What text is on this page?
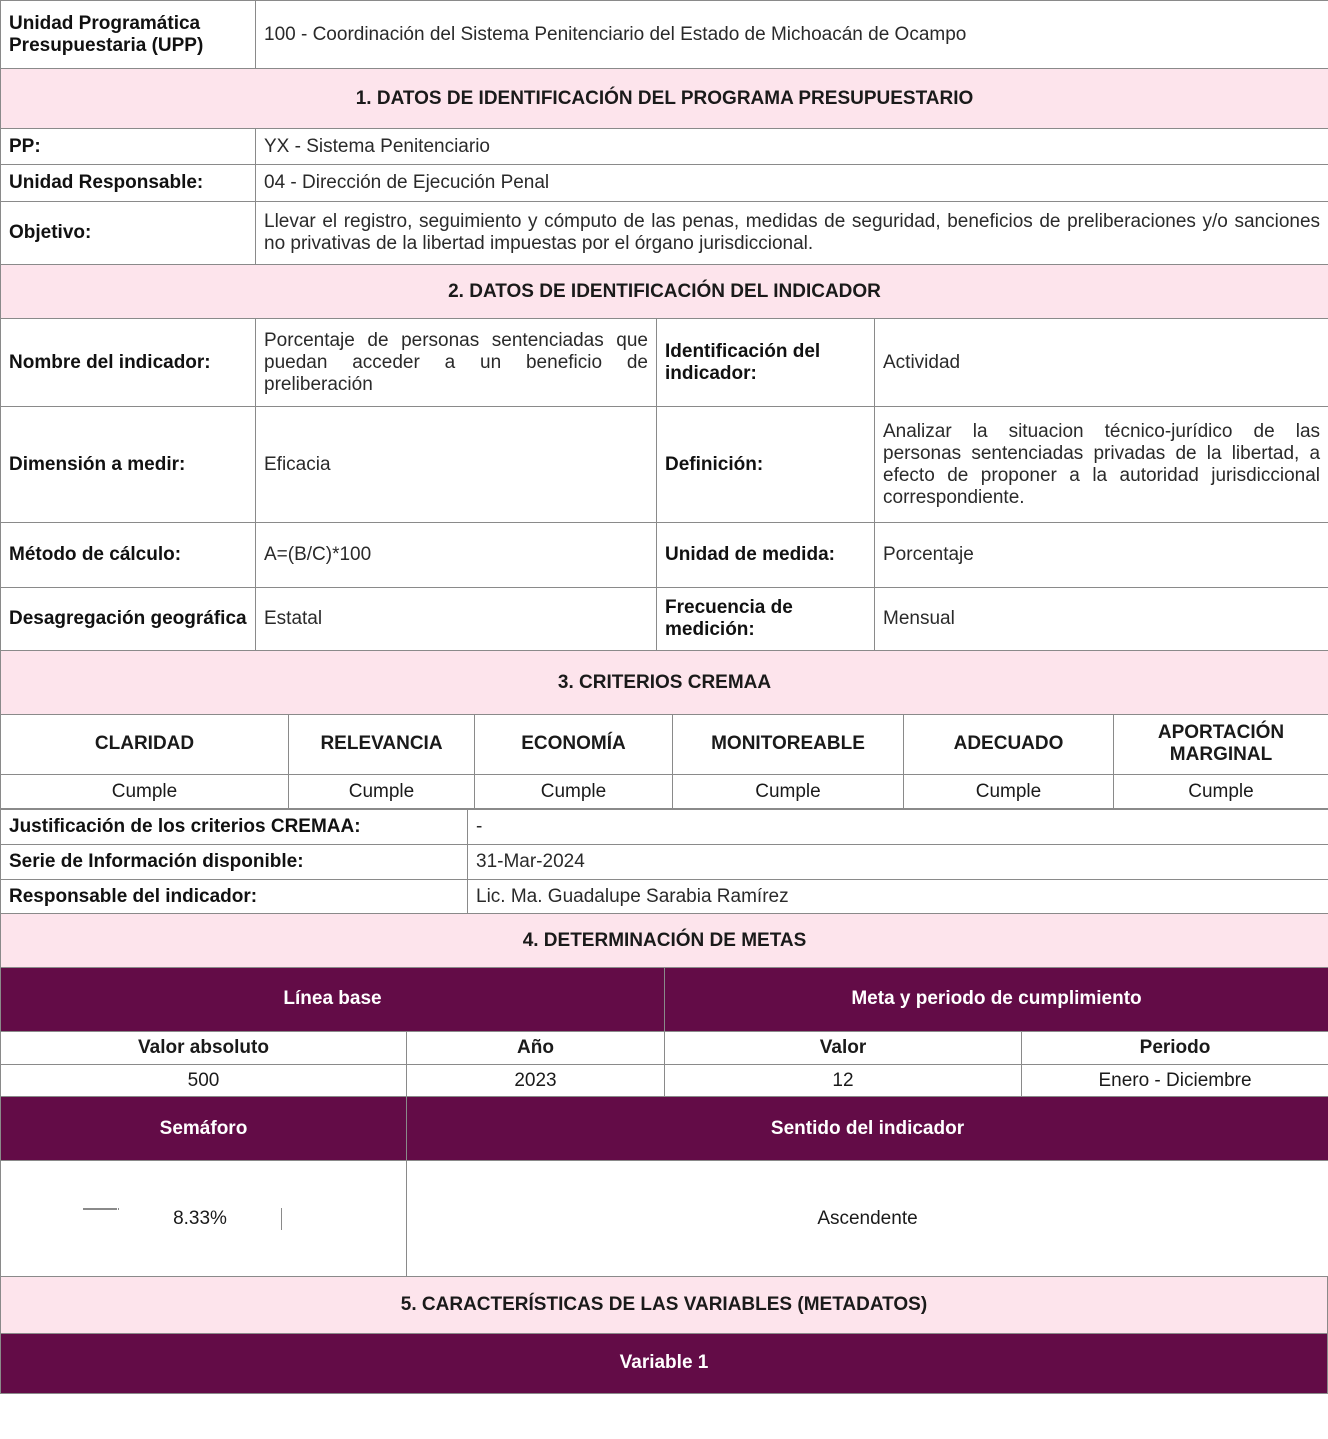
Unidad Programática Presupuestaria (UPP)	100 - Coordinación del Sistema Penitenciario del Estado de Michoacán de Ocampo		
1. DATOS DE IDENTIFICACIÓN DEL PROGRAMA PRESUPUESTARIO			
PP:	YX - Sistema Penitenciario		
Unidad Responsable:	04 - Dirección de Ejecución Penal		
Objetivo:	Llevar el registro, seguimiento y cómputo de las penas, medidas de seguridad, beneficios de preliberaciones y/o sanciones no privativas de la libertad impuestas por el órgano jurisdiccional.		
2. DATOS DE IDENTIFICACIÓN DEL INDICADOR			
Nombre del indicador:	Porcentaje de personas sentenciadas que puedan acceder a un beneficio de preliberación	Identificación del indicador:	Actividad
Dimensión a medir:	Eficacia	Definición:	Analizar la situacion técnico-jurídico de las personas sentenciadas privadas de la libertad, a efecto de proponer a la autoridad jurisdiccional correspondiente.
Método de cálculo:	A=(B/C)*100	Unidad de medida:	Porcentaje
Desagregación geográfica	Estatal	Frecuencia de medición:	Mensual
3. CRITERIOS CREMAA			
CLARIDAD	RELEVANCIA	ECONOMÍA	MONITOREABLE	ADECUADO	APORTACIÓN MARGINAL
Cumple	Cumple	Cumple	Cumple	Cumple	Cumple
Justificación de los criterios CREMAA:	-
Serie de Información disponible:	31-Mar-2024
Responsable del indicador:	Lic. Ma. Guadalupe Sarabia Ramírez
4. DETERMINACIÓN DE METAS	
Línea base		Meta y periodo de cumplimiento	
Valor absoluto	Año	Valor	Periodo
500	2023	12	Enero - Diciembre
Semáforo	Sentido del indicador

8.33%	Ascendente
5. CARACTERÍSTICAS DE LAS VARIABLES (METADATOS)
Variable 1
